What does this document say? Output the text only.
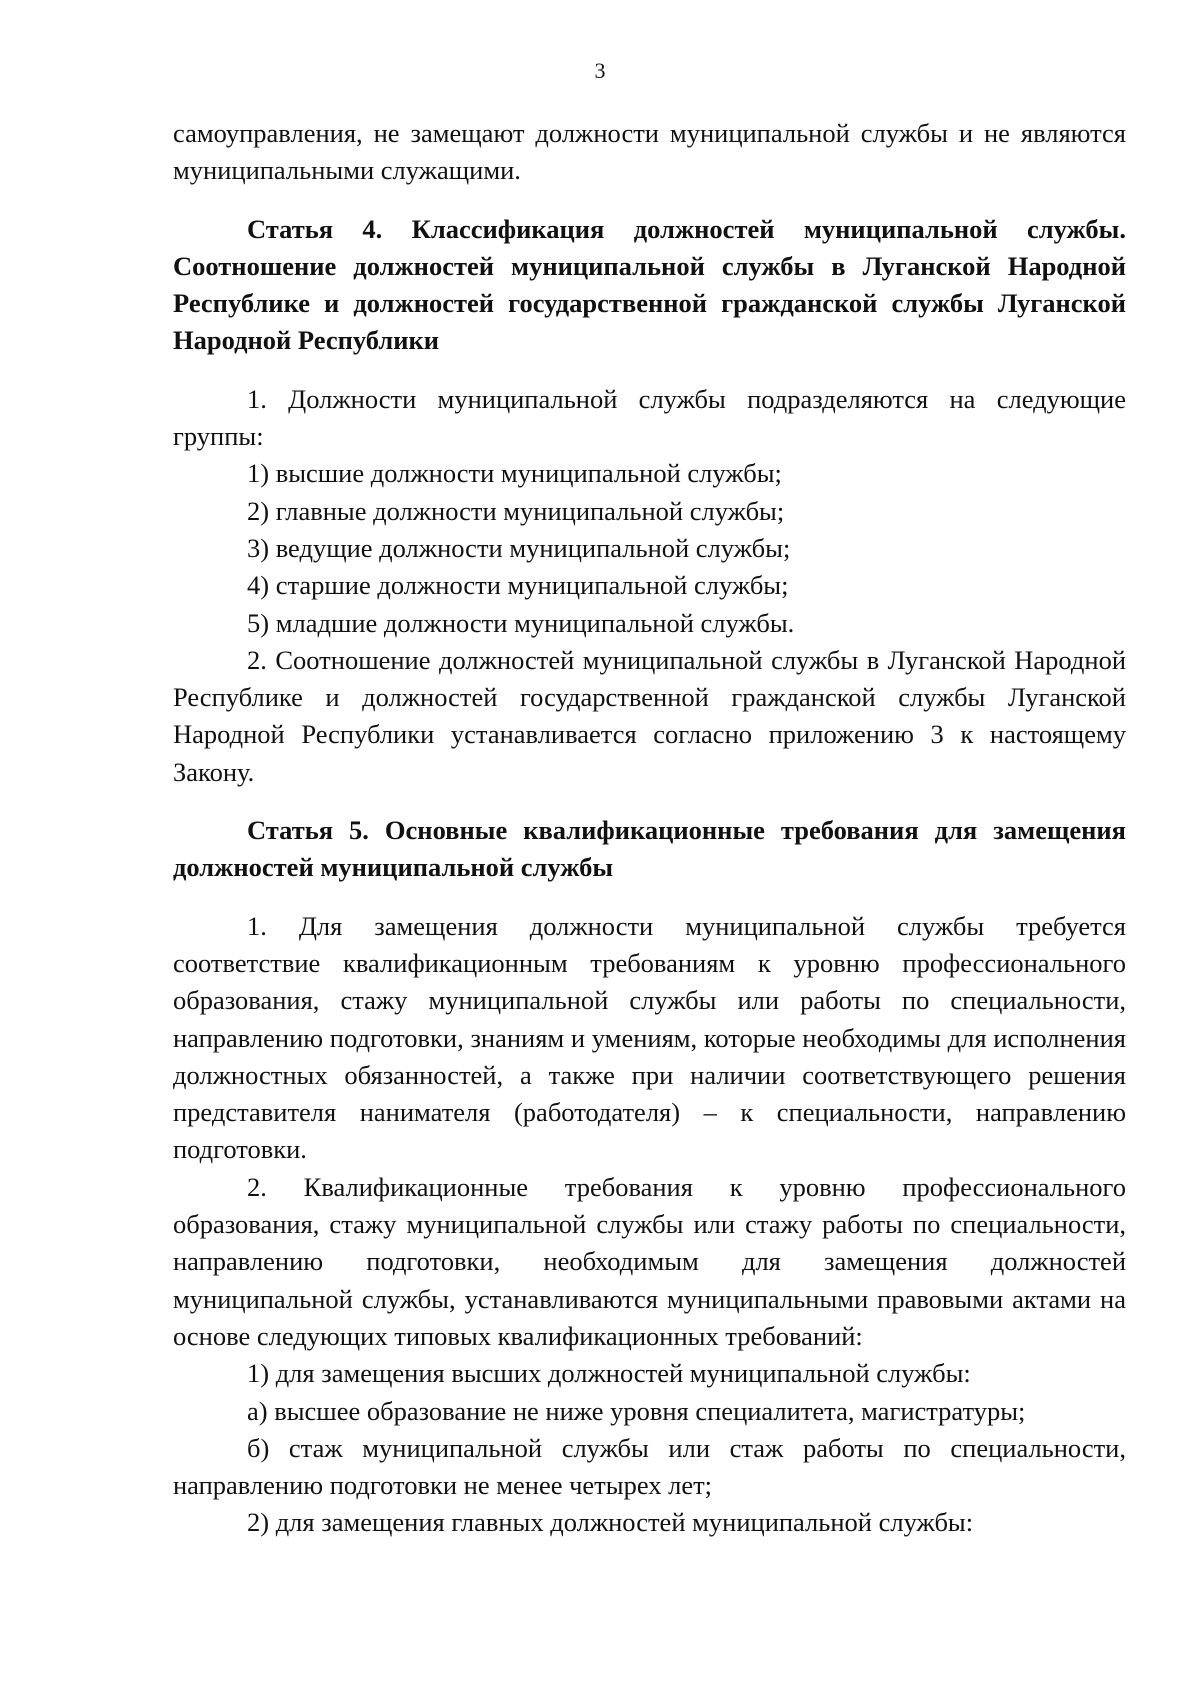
3

самоуправления, не замещают должности муниципальной службы и не являются муниципальными служащими.

Статья 4. Классификация должностей муниципальной службы. Соотношение должностей муниципальной службы в Луганской Народной Республике и должностей государственной гражданской службы Луганской Народной Республики

1. Должности муниципальной службы подразделяются на следующие группы:

1) высшие должности муниципальной службы;

2) главные должности муниципальной службы;

3) ведущие должности муниципальной службы;

4) старшие должности муниципальной службы;

5) младшие должности муниципальной службы.

2. Соотношение должностей муниципальной службы в Луганской Народной Республике и должностей государственной гражданской службы Луганской Народной Республики устанавливается согласно приложению 3 к настоящему Закону.

Статья 5. Основные квалификационные требования для замещения должностей муниципальной службы

1. Для замещения должности муниципальной службы требуется соответствие квалификационным требованиям к уровню профессионального образования, стажу муниципальной службы или работы по специальности, направлению подготовки, знаниям и умениям, которые необходимы для исполнения должностных обязанностей, а также при наличии соответствующего решения представителя нанимателя (работодателя) – к специальности, направлению подготовки.

2. Квалификационные требования к уровню профессионального образования, стажу муниципальной службы или стажу работы по специальности, направлению подготовки, необходимым для замещения должностей муниципальной службы, устанавливаются муниципальными правовыми актами на основе следующих типовых квалификационных требований:

1) для замещения высших должностей муниципальной службы:

а) высшее образование не ниже уровня специалитета, магистратуры;

б) стаж муниципальной службы или стаж работы по специальности, направлению подготовки не менее четырех лет;

2) для замещения главных должностей муниципальной службы:
